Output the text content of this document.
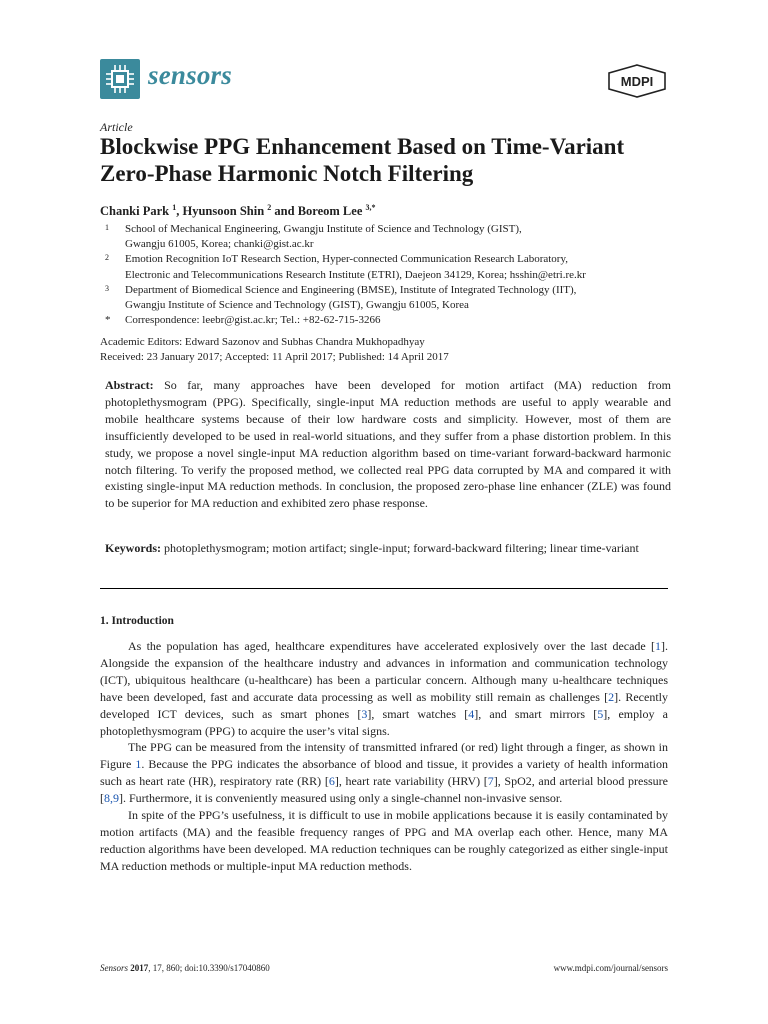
sensors	MDPI
Article
Blockwise PPG Enhancement Based on Time-Variant Zero-Phase Harmonic Notch Filtering
Chanki Park $^1$, Hyunsoon Shin $^2$ and Boreom Lee $^{3,*}$
1 School of Mechanical Engineering, Gwangju Institute of Science and Technology (GIST),
Gwangju 61005, Korea; chanki@gist.ac.kr
2 Emotion Recognition IoT Research Section, Hyper-connected Communication Research Laboratory,
Electronic and Telecommunications Research Institute (ETRI), Daejeon 34129, Korea; hsshin@etri.re.kr
3 Department of Biomedical Science and Engineering (BMSE), Institute of Integrated Technology (IIT),
Gwangju Institute of Science and Technology (GIST), Gwangju 61005, Korea
* Correspondence: leebr@gist.ac.kr; Tel.: +82-62-715-3266
Academic Editors: Edward Sazonov and Subhas Chandra Mukhopadhyay
Received: 23 January 2017; Accepted: 11 April 2017; Published: 14 April 2017
Abstract: So far, many approaches have been developed for motion artifact (MA) reduction from photoplethysmogram (PPG). Specifically, single-input MA reduction methods are useful to apply wearable and mobile healthcare systems because of their low hardware costs and simplicity. However, most of them are insufficiently developed to be used in real-world situations, and they suffer from a phase distortion problem. In this study, we propose a novel single-input MA reduction algorithm based on time-variant forward-backward harmonic notch filtering. To verify the proposed method, we collected real PPG data corrupted by MA and compared it with existing single-input MA reduction methods. In conclusion, the proposed zero-phase line enhancer (ZLE) was found to be superior for MA reduction and exhibited zero phase response.
Keywords: photoplethysmogram; motion artifact; single-input; forward-backward filtering; linear time-variant
1. Introduction

As the population has aged, healthcare expenditures have accelerated explosively over the last decade [1]. Alongside the expansion of the healthcare industry and advances in information and communication technology (ICT), ubiquitous healthcare (u-healthcare) has been a particular concern. Although many u-healthcare techniques have been developed, fast and accurate data processing as well as mobility still remain as challenges [2]. Recently developed ICT devices, such as smart phones [3], smart watches [4], and smart mirrors [5], employ a photoplethysmogram (PPG) to acquire the user’s vital signs.

The PPG can be measured from the intensity of transmitted infrared (or red) light through a finger, as shown in Figure 1. Because the PPG indicates the absorbance of blood and tissue, it provides a variety of health information such as heart rate (HR), respiratory rate (RR) [6], heart rate variability (HRV) [7], SpO2, and arterial blood pressure [8,9]. Furthermore, it is conveniently measured using only a single-channel non-invasive sensor.

In spite of the PPG’s usefulness, it is difficult to use in mobile applications because it is easily contaminated by motion artifacts (MA) and the feasible frequency ranges of PPG and MA overlap each other. Hence, many MA reduction algorithms have been developed. MA reduction techniques can be roughly categorized as either single-input MA reduction methods or multiple-input MA reduction methods.

Sensors 2017, 17, 860; doi:10.3390/s17040860	www.mdpi.com/journal/sensors
